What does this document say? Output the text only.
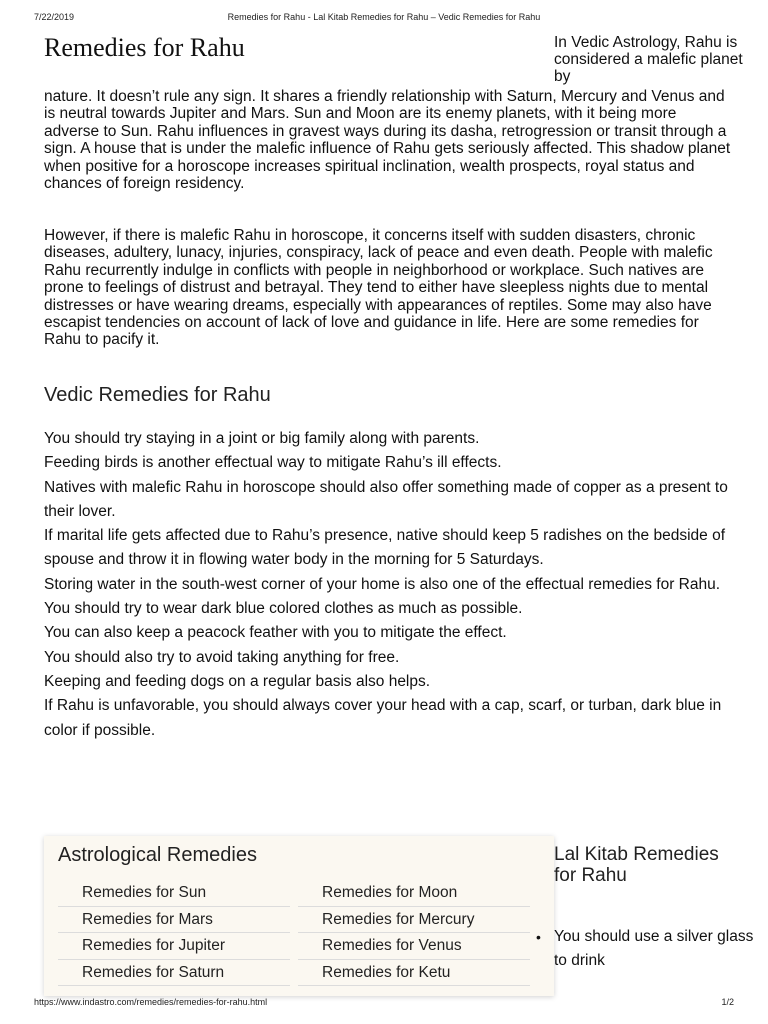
7/22/2019	Remedies for Rahu - Lal Kitab Remedies for Rahu – Vedic Remedies for Rahu
Remedies for Rahu	In Vedic Astrology, Rahu is considered a malefic planet by

nature. It doesn’t rule any sign. It shares a friendly relationship with Saturn, Mercury and Venus and is neutral towards Jupiter and Mars. Sun and Moon are its enemy planets, with it being more adverse to Sun. Rahu influences in gravest ways during its dasha, retrogression or transit through a sign. A house that is under the malefic influence of Rahu gets seriously affected. This shadow planet when positive for a horoscope increases spiritual inclination, wealth prospects, royal status and chances of foreign residency.

However, if there is malefic Rahu in horoscope, it concerns itself with sudden disasters, chronic diseases, adultery, lunacy, injuries, conspiracy, lack of peace and even death. People with malefic Rahu recurrently indulge in conflicts with people in neighborhood or workplace. Such natives are prone to feelings of distrust and betrayal. They tend to either have sleepless nights due to mental distresses or have wearing dreams, especially with appearances of reptiles. Some may also have escapist tendencies on account of lack of love and guidance in life. Here are some remedies for Rahu to pacify it.

Vedic Remedies for Rahu
You should try staying in a joint or big family along with parents.
Feeding birds is another effectual way to mitigate Rahu’s ill effects.
Natives with malefic Rahu in horoscope should also offer something made of copper as a present to their lover.
If marital life gets affected due to Rahu’s presence, native should keep 5 radishes on the bedside of spouse and throw it in flowing water body in the morning for 5 Saturdays.
Storing water in the south-west corner of your home is also one of the effectual remedies for Rahu.
You should try to wear dark blue colored clothes as much as possible.
You can also keep a peacock feather with you to mitigate the effect.
You should also try to avoid taking anything for free.
Keeping and feeding dogs on a regular basis also helps.
If Rahu is unfavorable, you should always cover your head with a cap, scarf, or turban, dark blue in color if possible.
Astrological Remedies
Remedies for Sun	Remedies for Moon
Remedies for Mars	Remedies for Mercury
Remedies for Jupiter	Remedies for Venus
Remedies for Saturn	Remedies for Ketu
Lal Kitab Remedies for Rahu
• You should use a silver glass to drink
https://www.indastro.com/remedies/remedies-for-rahu.html	1/2
